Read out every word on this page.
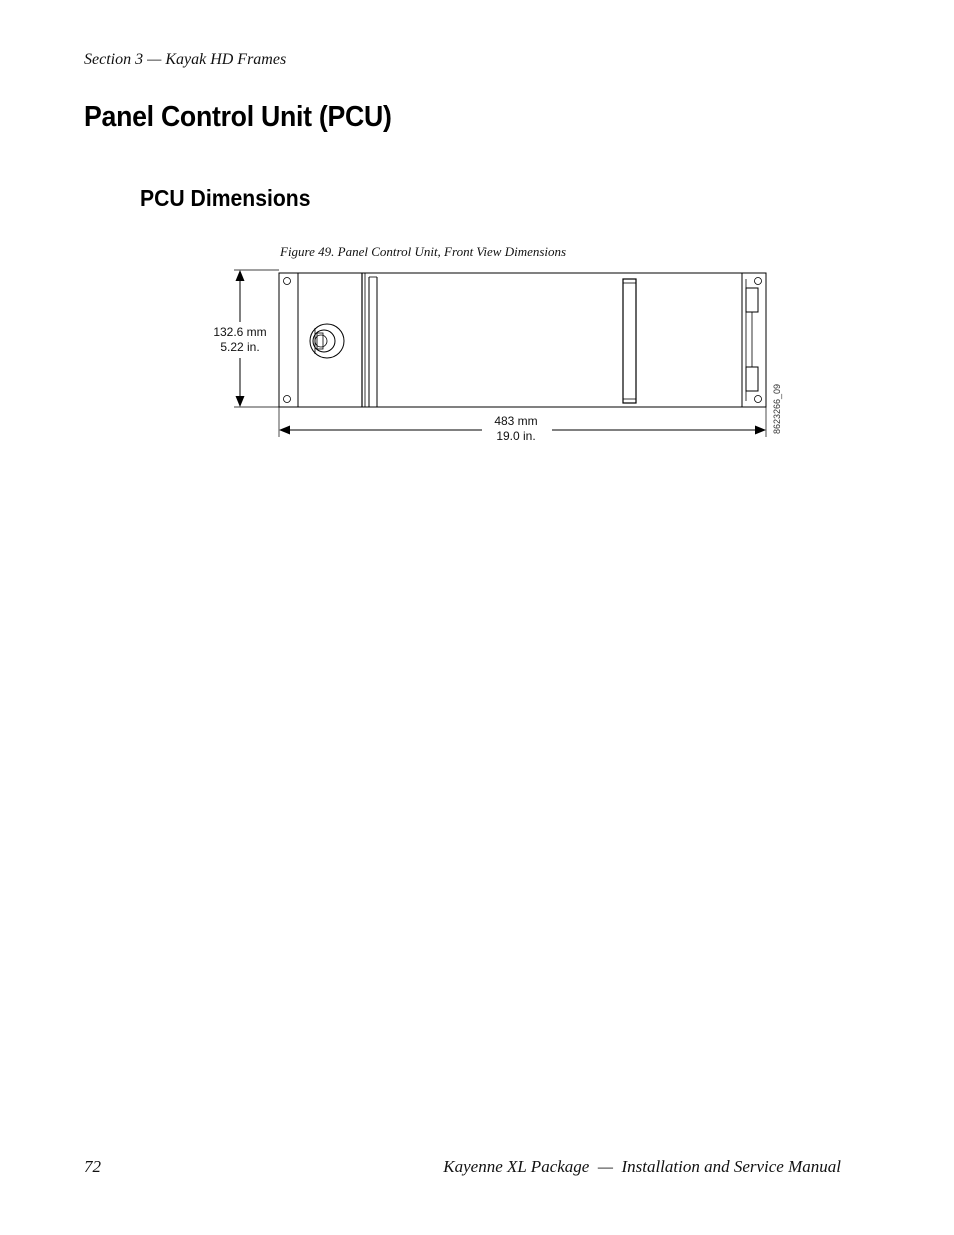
Section 3 — Kayak HD Frames
Panel Control Unit (PCU)
PCU Dimensions
Figure 49. Panel Control Unit, Front View Dimensions
132.6 mm
5.22 in.
483 mm
19.0 in.
8623266_09
72	Kayenne XL Package  —  Installation and Service Manual
